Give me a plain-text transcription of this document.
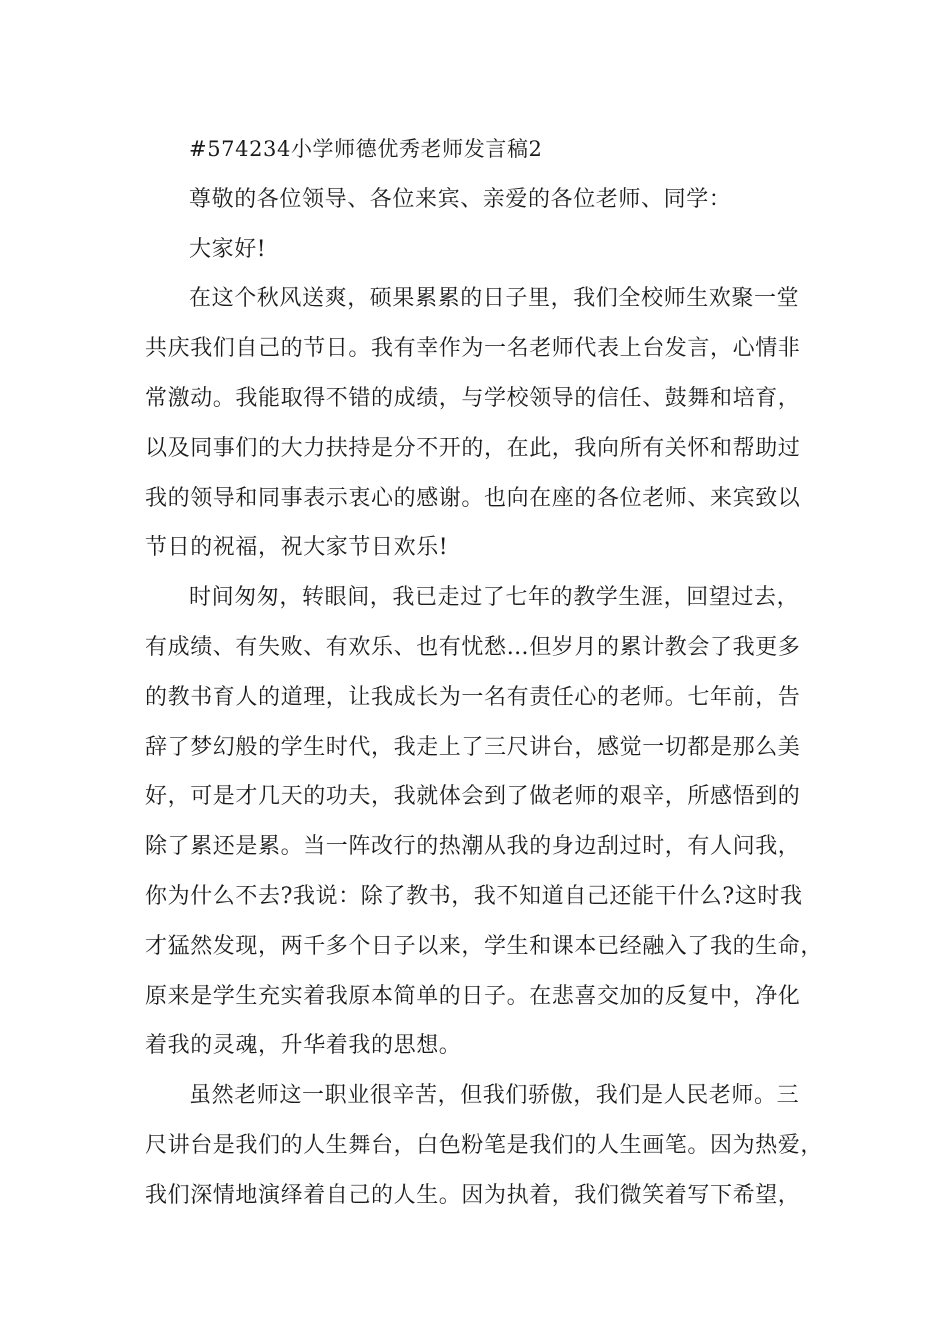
#574234小学师德优秀老师发言稿2
尊敬的各位领导、各位来宾、亲爱的各位老师、同学：
大家好!
在这个秋风送爽，硕果累累的日子里，我们全校师生欢聚一堂
共庆我们自己的节日。我有幸作为一名老师代表上台发言，心情非
常激动。我能取得不错的成绩，与学校领导的信任、鼓舞和培育，
以及同事们的大力扶持是分不开的，在此，我向所有关怀和帮助过
我的领导和同事表示衷心的感谢。也向在座的各位老师、来宾致以
节日的祝福，祝大家节日欢乐!
时间匆匆，转眼间，我已走过了七年的教学生涯，回望过去，
有成绩、有失败、有欢乐、也有忧愁…但岁月的累计教会了我更多
的教书育人的道理，让我成长为一名有责任心的老师。七年前，告
辞了梦幻般的学生时代，我走上了三尺讲台，感觉一切都是那么美
好，可是才几天的功夫，我就体会到了做老师的艰辛，所感悟到的
除了累还是累。当一阵改行的热潮从我的身边刮过时，有人问我，
你为什么不去?我说：除了教书，我不知道自己还能干什么?这时我
才猛然发现，两千多个日子以来，学生和课本已经融入了我的生命，
原来是学生充实着我原本简单的日子。在悲喜交加的反复中，净化
着我的灵魂，升华着我的思想。
虽然老师这一职业很辛苦，但我们骄傲，我们是人民老师。三
尺讲台是我们的人生舞台，白色粉笔是我们的人生画笔。因为热爱，
我们深情地演绎着自己的人生。因为执着，我们微笑着写下希望，
